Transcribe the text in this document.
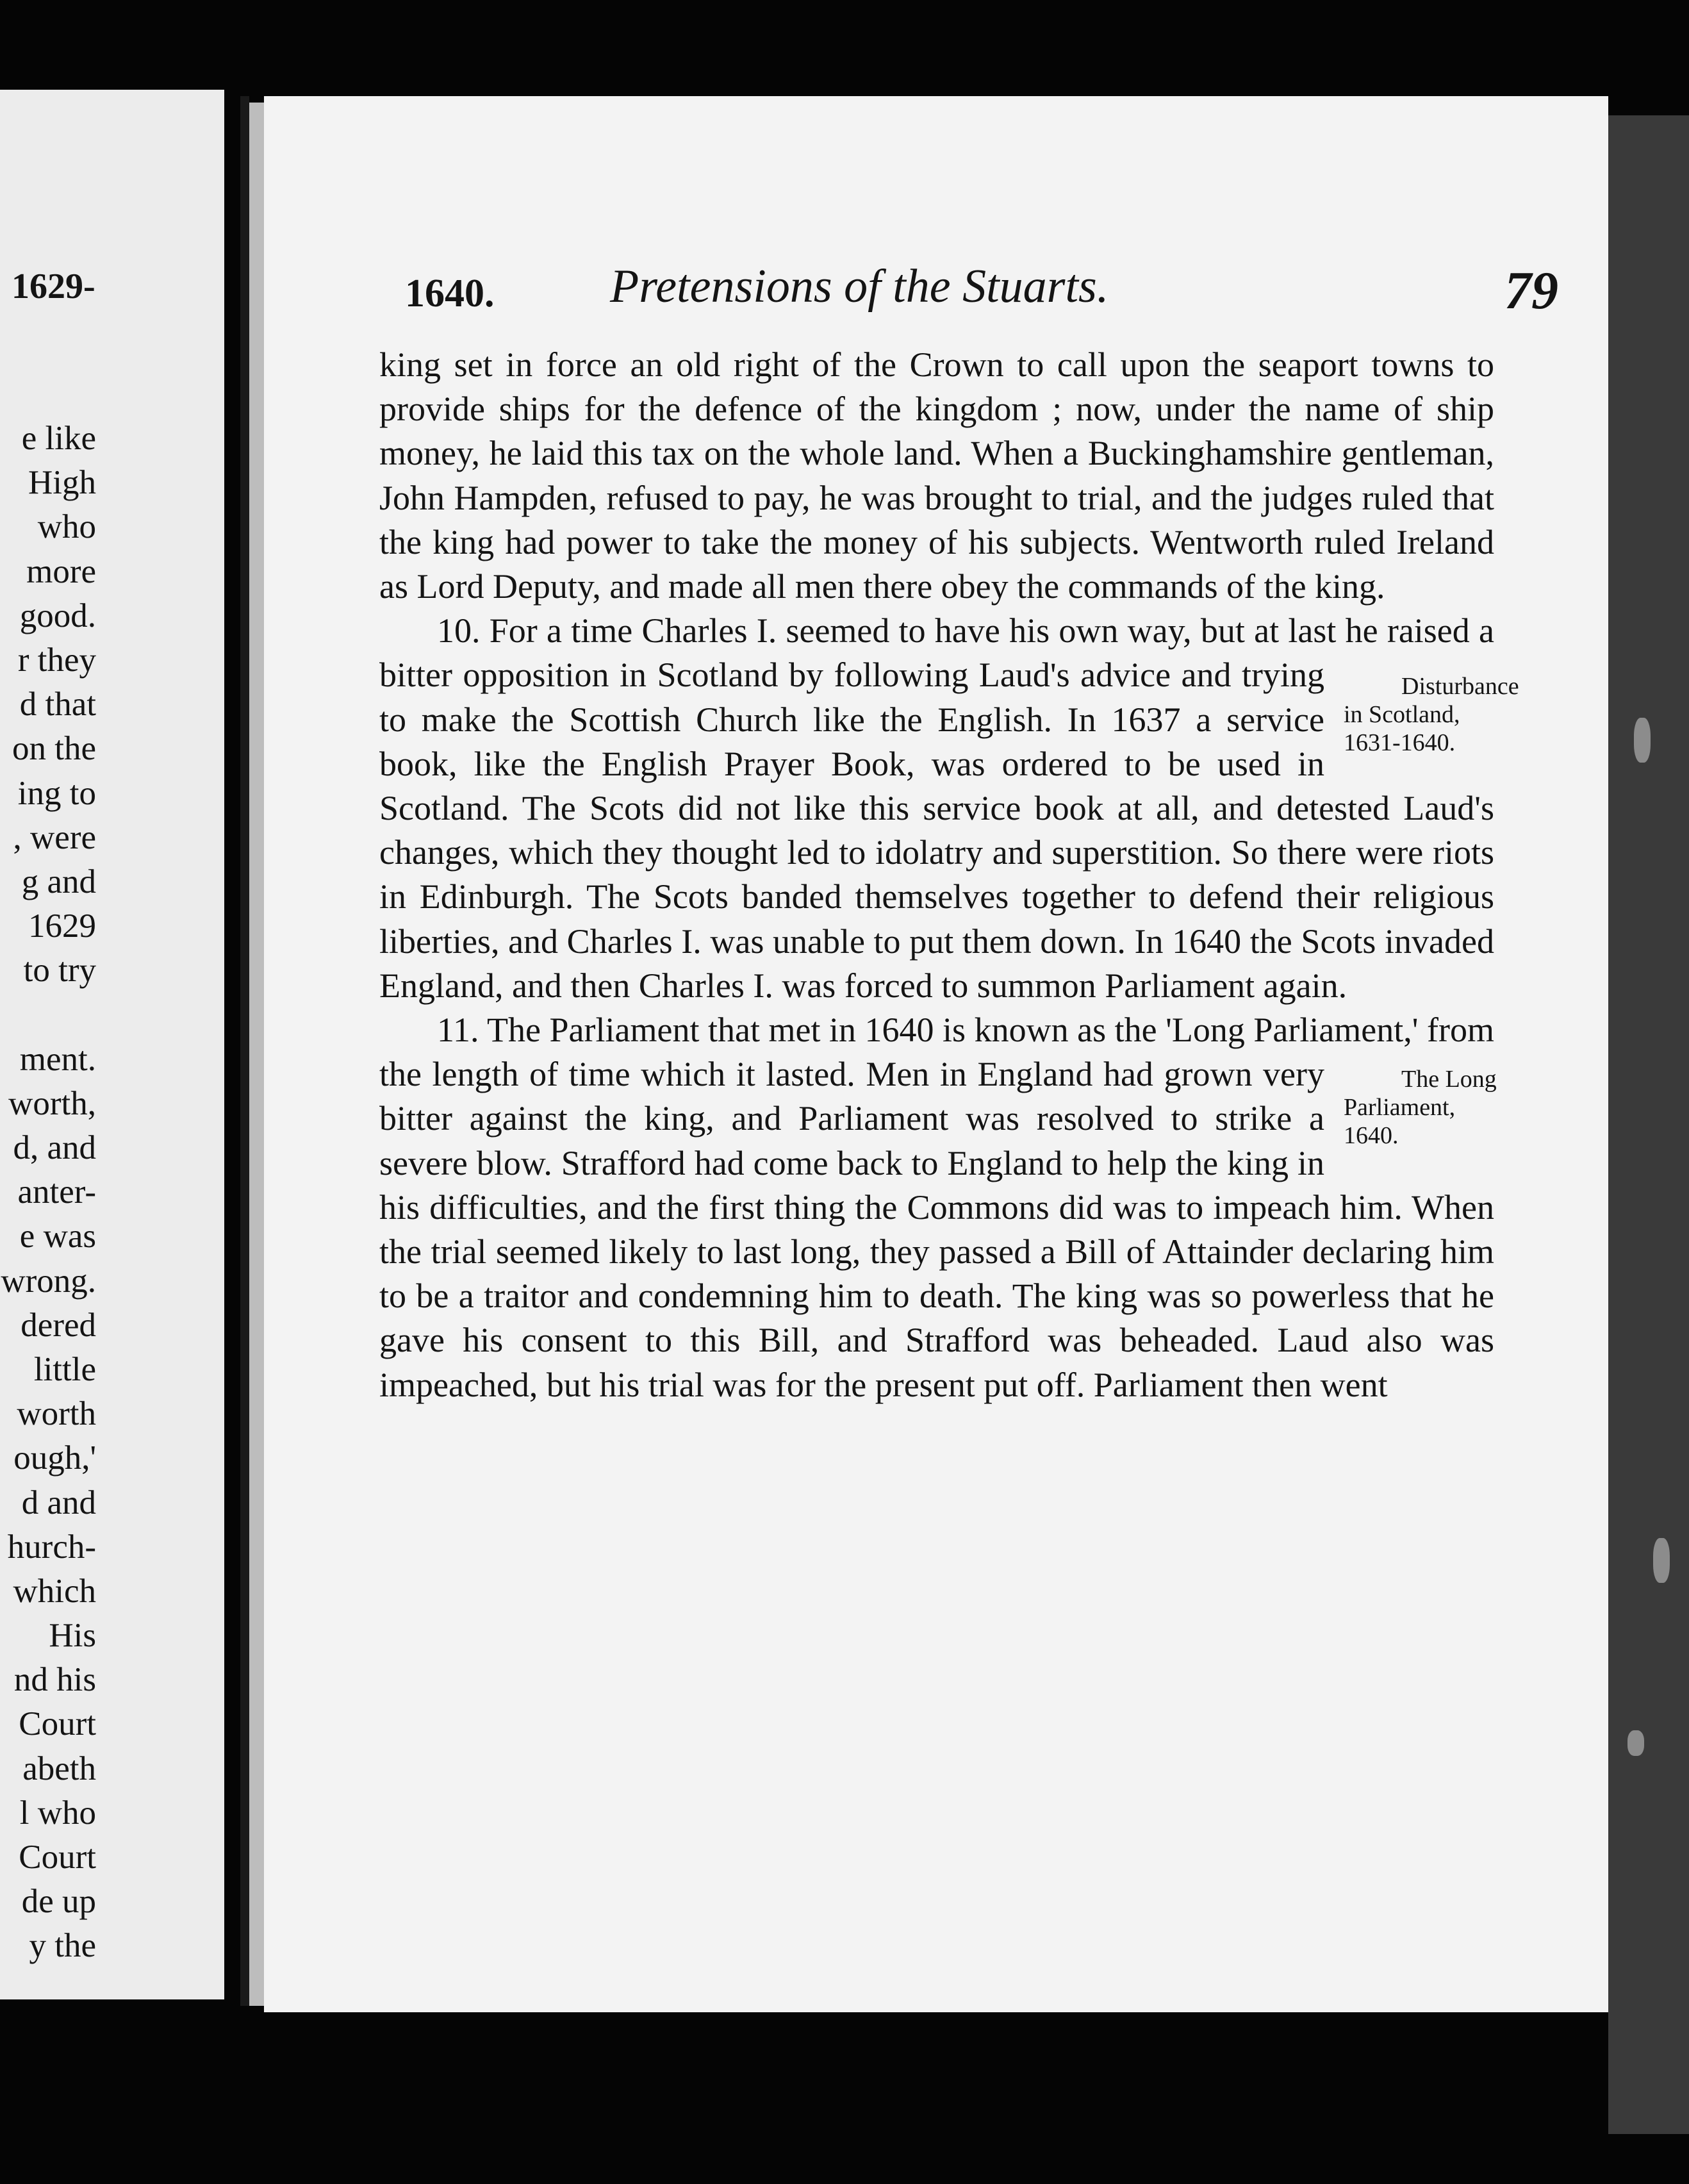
1629-
e like
High
who
more
good.
r they
d that
on the
ing to
, were
g and
1629
to try
ment.
worth,
d, and
anter-
e was
wrong.
dered
little
worth
ough,'
d and
hurch-
which
His
nd his
Court
abeth
l who
Court
de up
y the
1640. Pretensions of the Stuarts.	79

king set in force an old right of the Crown to call upon the seaport towns to provide ships for the defence of the kingdom ; now, under the name of ship money, he laid this tax on the whole land. When a Buckinghamshire gentleman, John Hampden, refused to pay, he was brought to trial, and the judges ruled that the king had power to take the money of his subjects. Wentworth ruled Ireland as Lord Deputy, and made all men there obey the commands of the king.

10. For a time Charles I. seemed to have his own way, but at last he raised a bitter opposition in Scotland	Disturbance
in Scotland,
1631-1640.
by following Laud's advice and trying to make the Scottish Church like the English. In 1637 a service book, like the English Prayer Book, was ordered to be used in Scotland. The Scots did not like this service book at all, and detested Laud's changes, which they thought led to idolatry and superstition. So there were riots in Edinburgh. The Scots banded themselves together to defend their religious liberties, and Charles I. was unable to put them down. In 1640 the Scots invaded England, and then Charles I. was forced to summon Parliament again.

11. The Parliament that met in 1640 is known as the 'Long Parliament,' from the length of time which it	The Long
Parliament,
1640.
lasted. Men in England had grown very bitter against the king, and Parliament was resolved to strike a severe blow. Strafford had come back to England to help the king in his difficulties, and the first thing the Commons did was to impeach him. When the trial seemed likely to last long, they passed a Bill of Attainder declaring him to be a traitor and condemning him to death. The king was so powerless that he gave his consent to this Bill, and Strafford was beheaded. Laud also was impeached, but his trial was for the present put off. Parliament then went
